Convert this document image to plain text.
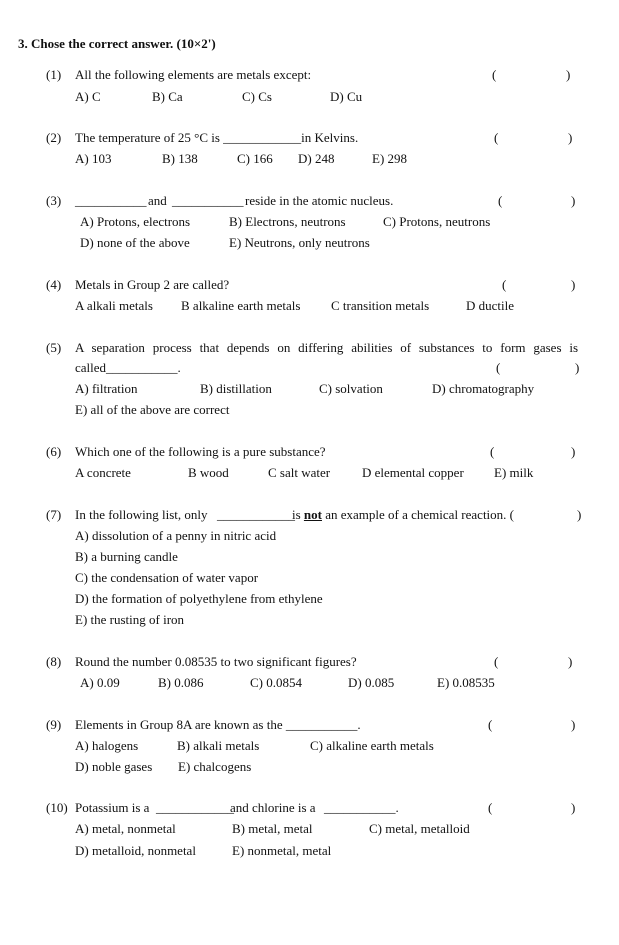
3. Chose the correct answer. (10×2')
(1) All the following elements are metals except:	(	)
A) C	B) Ca	C) Cs	D) Cu
(2) The temperature of 25 °C is ____________in Kelvins.	(	)
A) 103	B) 138	C) 166 D) 248	E) 298
(3) ___________ and ___________ reside in the atomic nucleus.	(	)
A) Protons, electrons	B) Electrons, neutrons	C) Protons, neutrons
D) none of the above	E) Neutrons, only neutrons
(4) Metals in Group 2 are called?	(	)
A alkali metals B alkaline earth metals C transition metals	D ductile
(5) A separation process that depends on differing abilities of substances to form gases is
called___________.	(	)
A) filtration	B) distillation	C) solvation	D) chromatography
E) all of the above are correct
(6) Which one of the following is a pure substance?	(	)
A concrete	B wood	C salt water D elemental copper E) milk
(7) In the following list, only ____________
is not an example of a chemical reaction. (	)
A) dissolution of a penny in nitric acid
B) a burning candle
C) the condensation of water vapor
D) the formation of polyethylene from ethylene
E) the rusting of iron
(8) Round the number 0.08535 to two significant figures?	(	)
A) 0.09	B) 0.086	C) 0.0854	D) 0.085	E) 0.08535
(9) Elements in Group 8A are known as the ___________.	(	)
A) halogens	B) alkali metals	C) alkaline earth metals
D) noble gases E) chalcogens
(10) Potassium is a ____________
and chlorine is a ___________.	(	)
A) metal, nonmetal	B) metal, metal	C) metal, metalloid
D) metalloid, nonmetal	E) nonmetal, metal
